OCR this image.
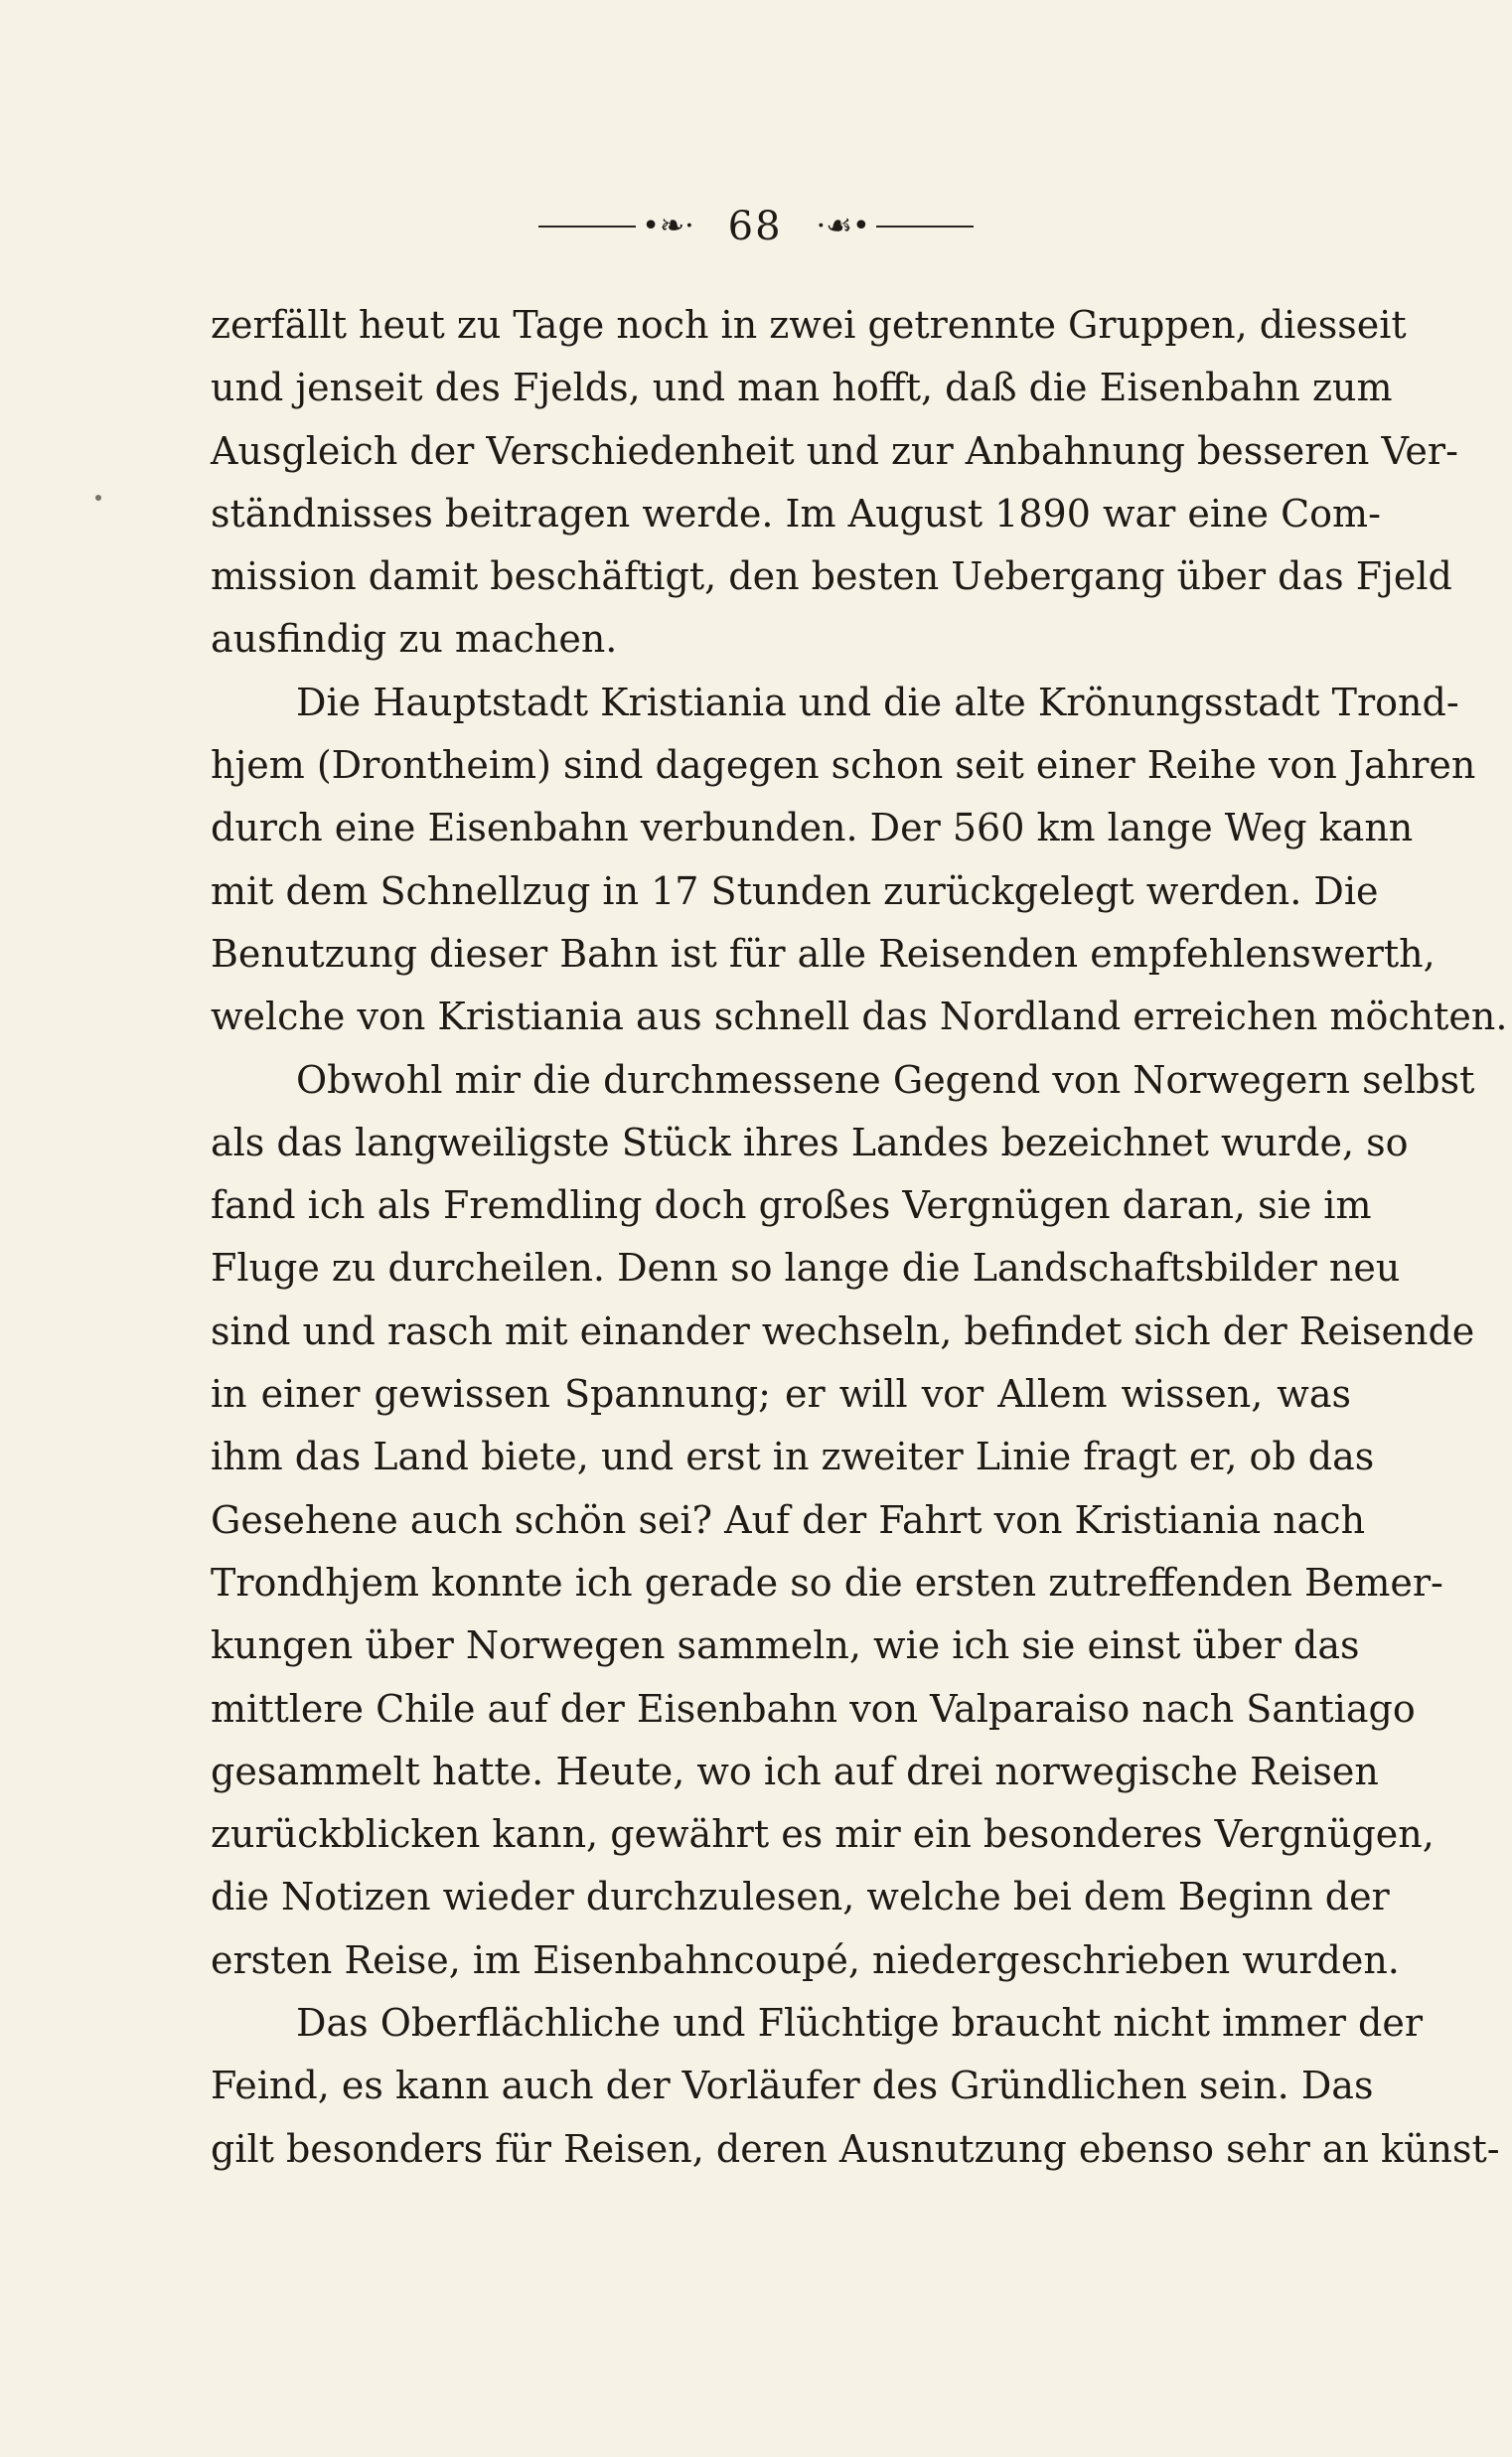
•❧· 68	·☙•
zerfällt heut zu Tage noch in zwei getrennte Gruppen, diesseit
und jenseit des Fjelds, und man hofft, daß die Eisenbahn zum
Ausgleich der Verschiedenheit und zur Anbahnung besseren Ver-
ständnisses beitragen werde. Im August 1890 war eine Com-
mission damit beschäftigt, den besten Uebergang über das Fjeld
ausfindig zu machen.
Die Hauptstadt Kristiania und die alte Krönungsstadt Trond-
hjem (Drontheim) sind dagegen schon seit einer Reihe von Jahren
durch eine Eisenbahn verbunden. Der 560 km lange Weg kann
mit dem Schnellzug in 17 Stunden zurückgelegt werden. Die
Benutzung dieser Bahn ist für alle Reisenden empfehlenswerth,
welche von Kristiania aus schnell das Nordland erreichen möchten.
Obwohl mir die durchmessene Gegend von Norwegern selbst
als das langweiligste Stück ihres Landes bezeichnet wurde, so
fand ich als Fremdling doch großes Vergnügen daran, sie im
Fluge zu durcheilen. Denn so lange die Landschaftsbilder neu
sind und rasch mit einander wechseln, befindet sich der Reisende
in einer gewissen Spannung; er will vor Allem wissen, was
ihm das Land biete, und erst in zweiter Linie fragt er, ob das
Gesehene auch schön sei? Auf der Fahrt von Kristiania nach
Trondhjem konnte ich gerade so die ersten zutreffenden Bemer-
kungen über Norwegen sammeln, wie ich sie einst über das
mittlere Chile auf der Eisenbahn von Valparaiso nach Santiago
gesammelt hatte. Heute, wo ich auf drei norwegische Reisen
zurückblicken kann, gewährt es mir ein besonderes Vergnügen,
die Notizen wieder durchzulesen, welche bei dem Beginn der
ersten Reise, im Eisenbahncoupé, niedergeschrieben wurden.
Das Oberflächliche und Flüchtige braucht nicht immer der
Feind, es kann auch der Vorläufer des Gründlichen sein. Das
gilt besonders für Reisen, deren Ausnutzung ebenso sehr an künst-
